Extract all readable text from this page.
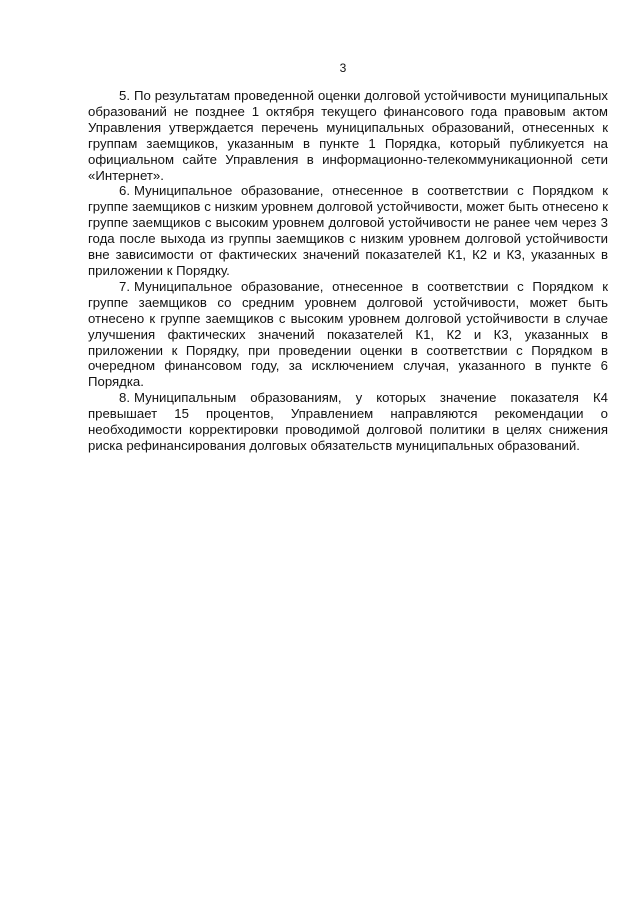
3

5. По результатам проведенной оценки долговой устойчивости муниципальных образований не позднее 1 октября текущего финансового года правовым актом Управления утверждается перечень муниципальных образований, отнесенных к группам заемщиков, указанным в пункте 1 Порядка, который публикуется на официальном сайте Управления в информационно-телекоммуникационной сети «Интернет».

6. Муниципальное образование, отнесенное в соответствии с Порядком к группе заемщиков с низким уровнем долговой устойчивости, может быть отнесено к группе заемщиков с высоким уровнем долговой устойчивости не ранее чем через 3 года после выхода из группы заемщиков с низким уровнем долговой устойчивости вне зависимости от фактических значений показателей К1, К2 и К3, указанных в приложении к Порядку.

7. Муниципальное образование, отнесенное в соответствии с Порядком к группе заемщиков со средним уровнем долговой устойчивости, может быть отнесено к группе заемщиков с высоким уровнем долговой устойчивости в случае улучшения фактических значений показателей К1, К2 и К3, указанных в приложении к Порядку, при проведении оценки в соответствии с Порядком в очередном финансовом году, за исключением случая, указанного в пункте 6 Порядка.

8. Муниципальным образованиям, у которых значение показателя К4 превышает 15 процентов, Управлением направляются рекомендации о необходимости корректировки проводимой долговой политики в целях снижения риска рефинансирования долговых обязательств муниципальных образований.
